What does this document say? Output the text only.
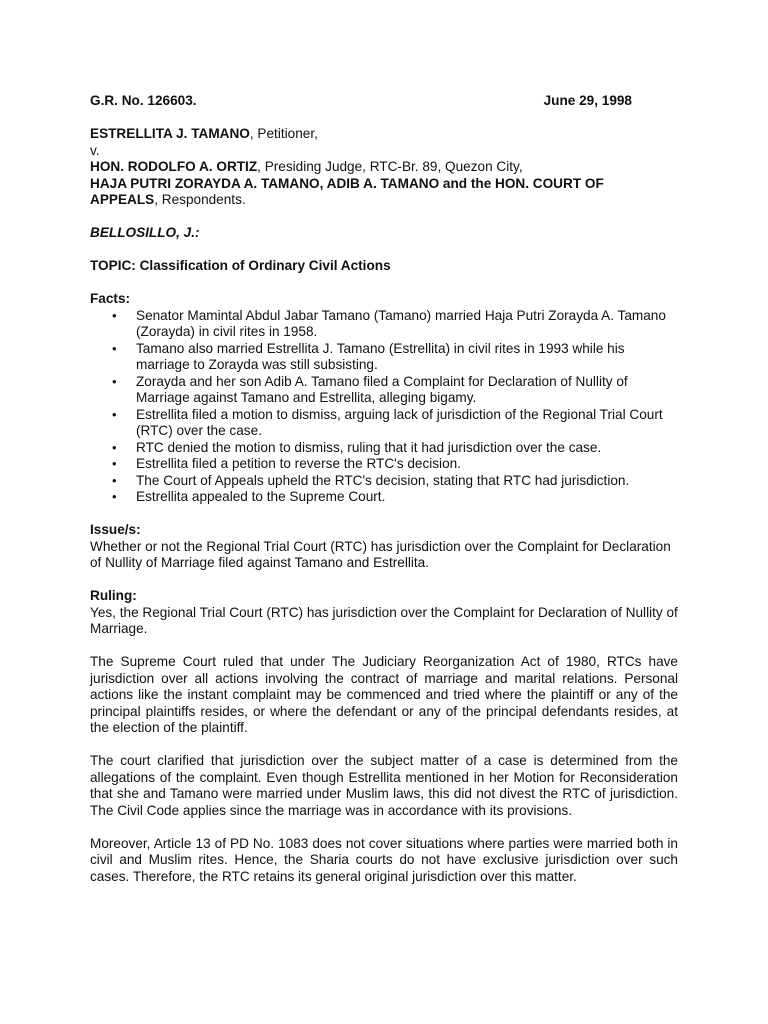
G.R. No. 126603.	June 29, 1998

ESTRELLITA J. TAMANO, Petitioner,

v.

HON. RODOLFO A. ORTIZ, Presiding Judge, RTC-Br. 89, Quezon City,

HAJA PUTRI ZORAYDA A. TAMANO, ADIB A. TAMANO and the HON. COURT OF

APPEALS, Respondents.

BELLOSILLO, J.:

TOPIC: Classification of Ordinary Civil Actions

Facts:

• Senator Mamintal Abdul Jabar Tamano (Tamano) married Haja Putri Zorayda A. Tamano (Zorayda) in civil rites in 1958.
• Tamano also married Estrellita J. Tamano (Estrellita) in civil rites in 1993 while his marriage to Zorayda was still subsisting.
• Zorayda and her son Adib A. Tamano filed a Complaint for Declaration of Nullity of Marriage against Tamano and Estrellita, alleging bigamy.
• Estrellita filed a motion to dismiss, arguing lack of jurisdiction of the Regional Trial Court (RTC) over the case.
• RTC denied the motion to dismiss, ruling that it had jurisdiction over the case.
• Estrellita filed a petition to reverse the RTC's decision.
• The Court of Appeals upheld the RTC's decision, stating that RTC had jurisdiction.
• Estrellita appealed to the Supreme Court.

Issue/s:

Whether or not the Regional Trial Court (RTC) has jurisdiction over the Complaint for Declaration of Nullity of Marriage filed against Tamano and Estrellita.

Ruling:

Yes, the Regional Trial Court (RTC) has jurisdiction over the Complaint for Declaration of Nullity of Marriage.

The Supreme Court ruled that under The Judiciary Reorganization Act of 1980, RTCs have jurisdiction over all actions involving the contract of marriage and marital relations. Personal actions like the instant complaint may be commenced and tried where the plaintiff or any of the principal plaintiffs resides, or where the defendant or any of the principal defendants resides, at the election of the plaintiff.

The court clarified that jurisdiction over the subject matter of a case is determined from the allegations of the complaint. Even though Estrellita mentioned in her Motion for Reconsideration that she and Tamano were married under Muslim laws, this did not divest the RTC of jurisdiction. The Civil Code applies since the marriage was in accordance with its provisions.

Moreover, Article 13 of PD No. 1083 does not cover situations where parties were married both in civil and Muslim rites. Hence, the Sharia courts do not have exclusive jurisdiction over such cases. Therefore, the RTC retains its general original jurisdiction over this matter.
